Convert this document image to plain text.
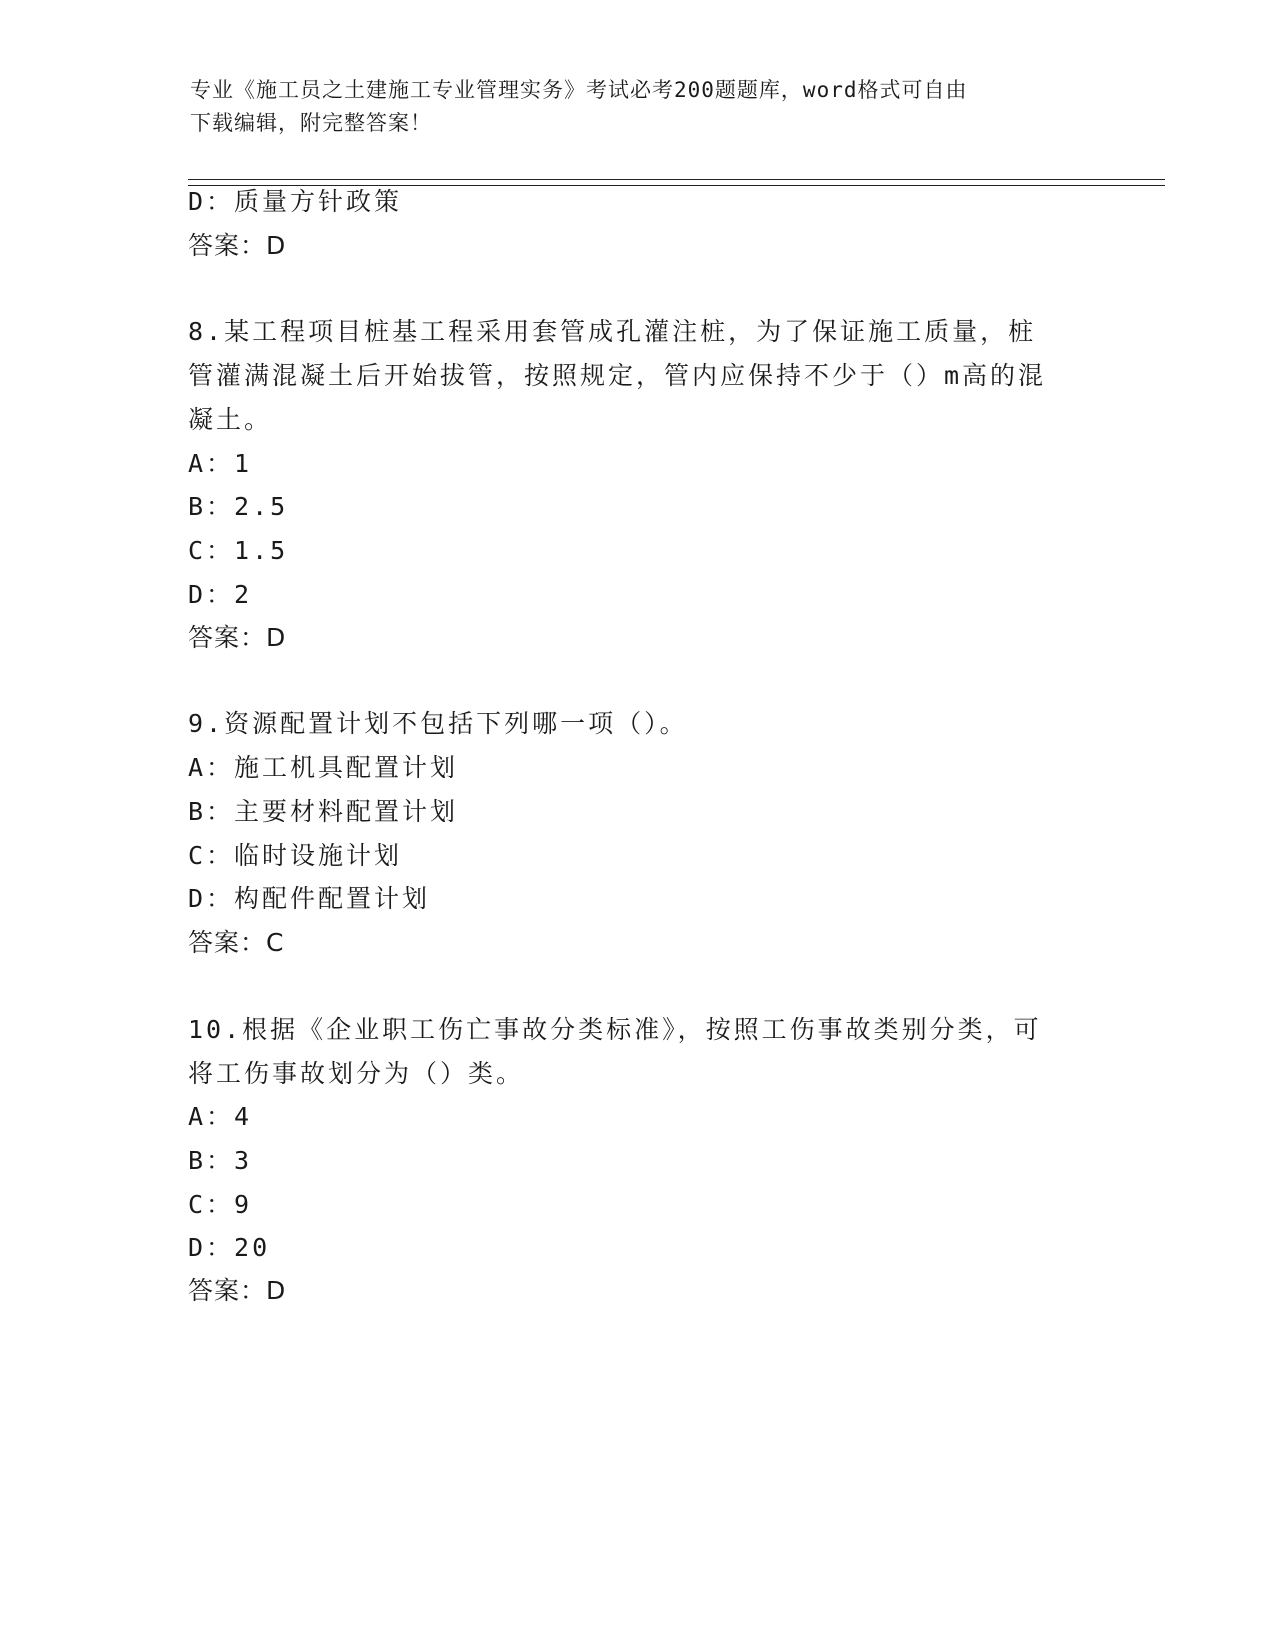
专业《施工员之土建施工专业管理实务》考试必考200题题库，word格式可自由
下载编辑，附完整答案！
D：质量方针政策
答案：D
8.某工程项目桩基工程采用套管成孔灌注桩，为了保证施工质量，桩
管灌满混凝土后开始拔管，按照规定，管内应保持不少于（）m高的混
凝土。
A：1
B：2.5
C：1.5
D：2
答案：D
9.资源配置计划不包括下列哪一项（）。
A：施工机具配置计划
B：主要材料配置计划
C：临时设施计划
D：构配件配置计划
答案：C
10.根据《企业职工伤亡事故分类标准》，按照工伤事故类别分类，可
将工伤事故划分为（）类。
A：4
B：3
C：9
D：20
答案：D
